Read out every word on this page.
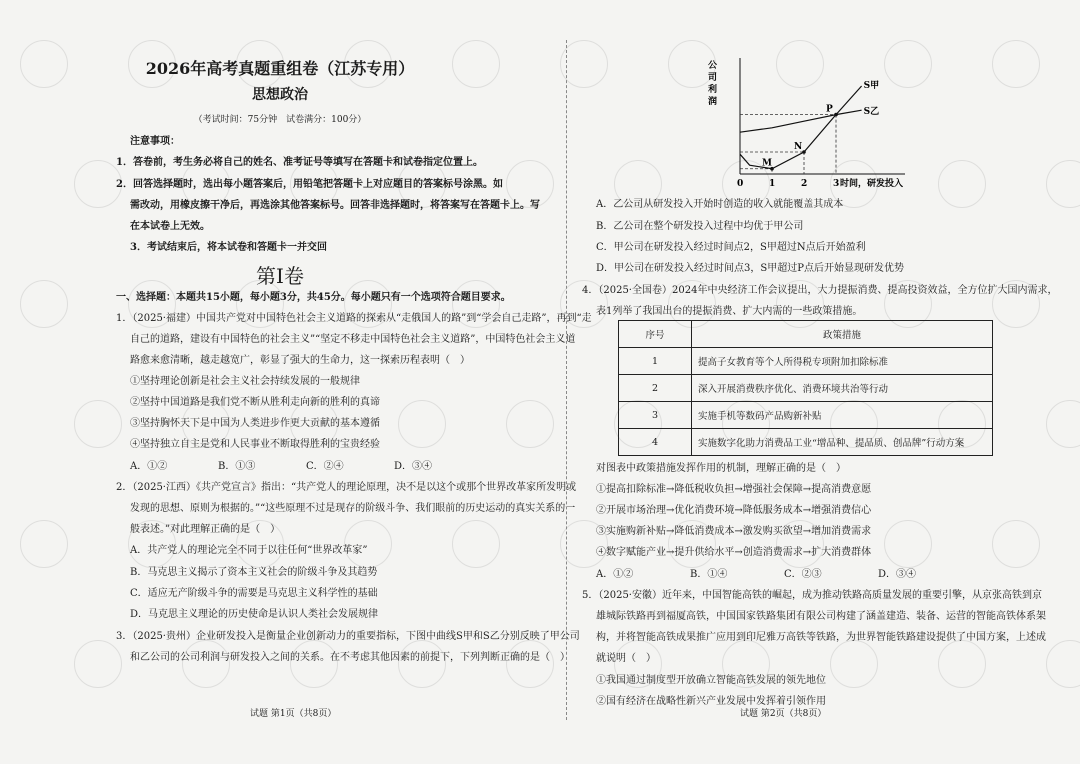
2026年高考真题重组卷（江苏专用）
思想政治
（考试时间：75分钟　试卷满分：100分）
注意事项：
1．答卷前，考生务必将自己的姓名、准考证号等填写在答题卡和试卷指定位置上。
2．回答选择题时，选出每小题答案后，用铅笔把答题卡上对应题目的答案标号涂黑。如
需改动，用橡皮擦干净后，再选涂其他答案标号。回答非选择题时，将答案写在答题卡上。写
在本试卷上无效。
3．考试结束后，将本试卷和答题卡一并交回
第Ⅰ卷
一、选择题：本题共15小题，每小题3分，共45分。每小题只有一个选项符合题目要求。
1．（2025·福建）中国共产党对中国特色社会主义道路的探索从“走俄国人的路”到“学会自己走路”，再到“走
自己的道路，建设有中国特色的社会主义”“坚定不移走中国特色社会主义道路”，中国特色社会主义道
路愈来愈清晰，越走越宽广，彰显了强大的生命力，这一探索历程表明（　）
①坚持理论创新是社会主义社会持续发展的一般规律
②坚持中国道路是我们党不断从胜利走向新的胜利的真谛
③坚持胸怀天下是中国为人类进步作更大贡献的基本遵循
④坚持独立自主是党和人民事业不断取得胜利的宝贵经验
A．①②	B．①③	C．②④	D．③④
2．（2025·江西）《共产党宣言》指出：“共产党人的理论原理，决不是以这个或那个世界改革家所发明或
发现的思想、原则为根据的。”“这些原理不过是现存的阶级斗争、我们眼前的历史运动的真实关系的一
般表述。”对此理解正确的是（　）
A．共产党人的理论完全不同于以往任何“世界改革家”
B．马克思主义揭示了资本主义社会的阶级斗争及其趋势
C．适应无产阶级斗争的需要是马克思主义科学性的基础
D．马克思主义理论的历史使命是认识人类社会发展规律
3．（2025·贵州）企业研发投入是衡量企业创新动力的重要指标，下图中曲线S甲和S乙分别反映了甲公司
和乙公司的公司利润与研发投入之间的关系。在不考虑其他因素的前提下，下列判断正确的是（　）
试题 第1页（共8页）
S甲
S乙
M
N
P
0	1	2	3
公司利润
时间，研发投入
A．乙公司从研发投入开始时创造的收入就能覆盖其成本
B．乙公司在整个研发投入过程中均优于甲公司
C．甲公司在研发投入经过时间点2，S甲超过N点后开始盈利
D．甲公司在研发投入经过时间点3，S甲超过P点后开始显现研发优势
4．（2025·全国卷）2024年中央经济工作会议提出，大力提振消费、提高投资效益，全方位扩大国内需求，
表1列举了我国出台的提振消费、扩大内需的一些政策措施。
序号	政策措施
1	提高子女教育等个人所得税专项附加扣除标准
2	深入开展消费秩序优化、消费环境共治等行动
3	实施手机等数码产品购新补贴
4	实施数字化助力消费品工业“增品种、提品质、创品牌”行动方案
对图表中政策措施发挥作用的机制，理解正确的是（　）
①提高扣除标准→降低税收负担→增强社会保障→提高消费意愿
②开展市场治理→优化消费环境→降低服务成本→增强消费信心
③实施购新补贴→降低消费成本→激发购买欲望→增加消费需求
④数字赋能产业→提升供给水平→创造消费需求→扩大消费群体
A．①②	B．①④	C．②③	D．③④
5．（2025·安徽）近年来，中国智能高铁的崛起，成为推动铁路高质量发展的重要引擎，从京张高铁到京
雄城际铁路再到福厦高铁，中国国家铁路集团有限公司构建了涵盖建造、装备、运营的智能高铁体系架
构，并将智能高铁成果推广应用到印尼雅万高铁等铁路，为世界智能铁路建设提供了中国方案，上述成
就说明（　）
①我国通过制度型开放确立智能高铁发展的领先地位
②国有经济在战略性新兴产业发展中发挥着引领作用
试题 第2页（共8页）
